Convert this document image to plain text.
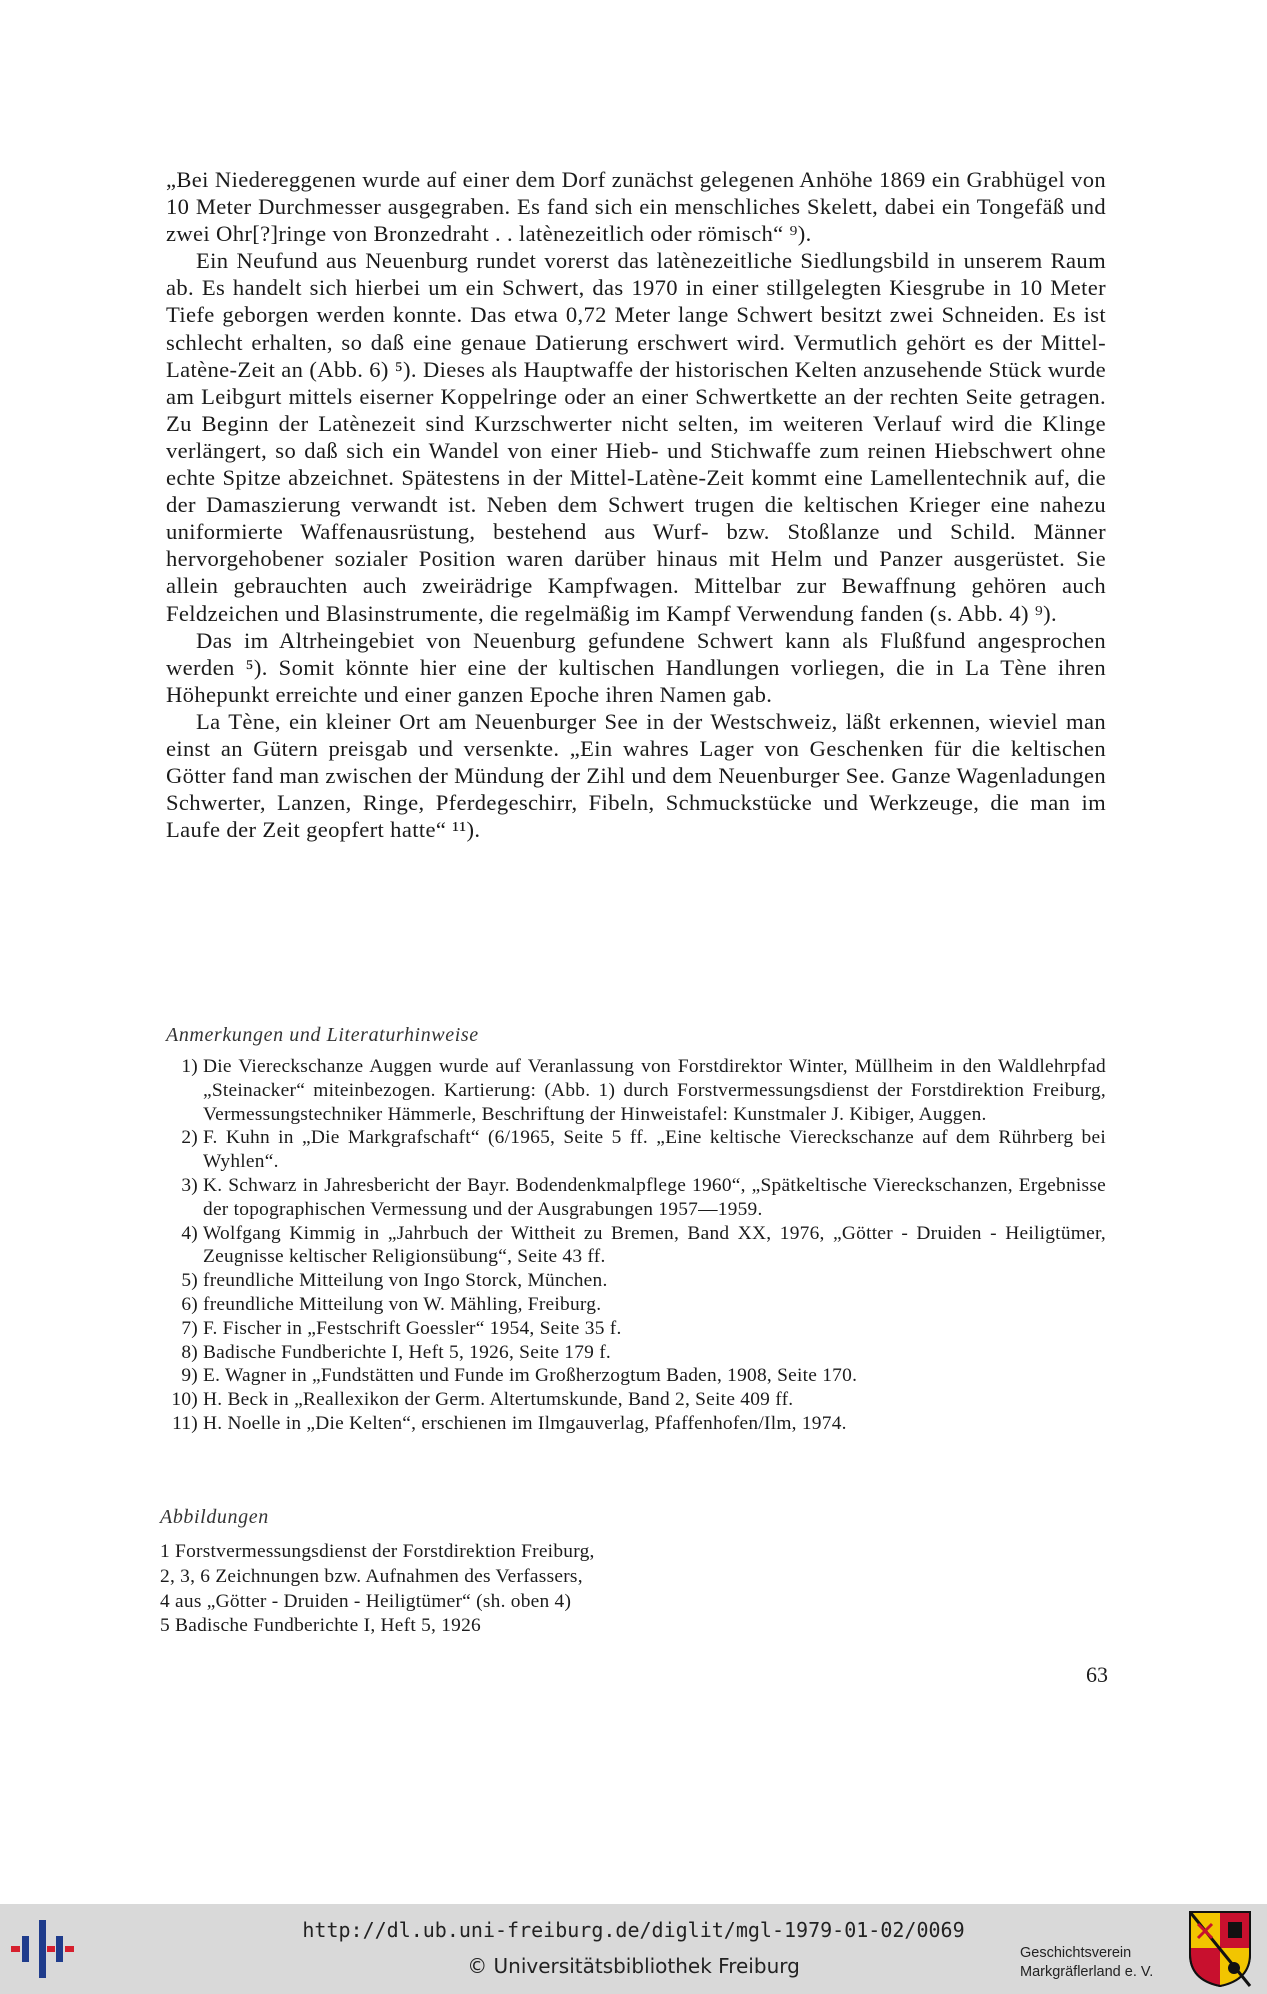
„Bei Niedereggenen wurde auf einer dem Dorf zunächst gelegenen Anhöhe 1869 ein Grabhügel von 10 Meter Durchmesser ausgegraben. Es fand sich ein menschliches Skelett, dabei ein Tongefäß und zwei Ohr[?]ringe von Bronzedraht . . latènezeitlich oder römisch“ ⁹).

Ein Neufund aus Neuenburg rundet vorerst das latènezeitliche Siedlungsbild in unserem Raum ab. Es handelt sich hierbei um ein Schwert, das 1970 in einer stillgelegten Kiesgrube in 10 Meter Tiefe geborgen werden konnte. Das etwa 0,72 Meter lange Schwert besitzt zwei Schneiden. Es ist schlecht erhalten, so daß eine genaue Datierung erschwert wird. Vermutlich gehört es der Mittel-Latène-Zeit an (Abb. 6) ⁵). Dieses als Hauptwaffe der historischen Kelten anzusehende Stück wurde am Leibgurt mittels eiserner Koppelringe oder an einer Schwertkette an der rechten Seite getragen. Zu Beginn der Latènezeit sind Kurzschwerter nicht selten, im weiteren Verlauf wird die Klinge verlängert, so daß sich ein Wandel von einer Hieb- und Stichwaffe zum reinen Hiebschwert ohne echte Spitze abzeichnet. Spätestens in der Mittel-Latène-Zeit kommt eine Lamellentechnik auf, die der Damaszierung verwandt ist. Neben dem Schwert trugen die keltischen Krieger eine nahezu uniformierte Waffenausrüstung, bestehend aus Wurf- bzw. Stoßlanze und Schild. Männer hervorgehobener sozialer Position waren darüber hinaus mit Helm und Panzer ausgerüstet. Sie allein gebrauchten auch zweirädrige Kampfwagen. Mittelbar zur Bewaffnung gehören auch Feldzeichen und Blasinstrumente, die regelmäßig im Kampf Verwendung fanden (s. Abb. 4) ⁹).

Das im Altrheingebiet von Neuenburg gefundene Schwert kann als Flußfund angesprochen werden ⁵). Somit könnte hier eine der kultischen Handlungen vorliegen, die in La Tène ihren Höhepunkt erreichte und einer ganzen Epoche ihren Namen gab.

La Tène, ein kleiner Ort am Neuenburger See in der Westschweiz, läßt erkennen, wieviel man einst an Gütern preisgab und versenkte. „Ein wahres Lager von Geschenken für die keltischen Götter fand man zwischen der Mündung der Zihl und dem Neuenburger See. Ganze Wagenladungen Schwerter, Lanzen, Ringe, Pferdegeschirr, Fibeln, Schmuckstücke und Werkzeuge, die man im Laufe der Zeit geopfert hatte“ ¹¹).

Anmerkungen und Literaturhinweise
1) Die Viereckschanze Auggen wurde auf Veranlassung von Forstdirektor Winter, Müllheim in den Waldlehrpfad „Steinacker“ miteinbezogen. Kartierung: (Abb. 1) durch Forstvermessungsdienst der Forstdirektion Freiburg, Vermessungstechniker Hämmerle, Beschriftung der Hinweistafel: Kunstmaler J. Kibiger, Auggen.
2) F. Kuhn in „Die Markgrafschaft“ (6/1965, Seite 5 ff. „Eine keltische Viereckschanze auf dem Rührberg bei Wyhlen“.
3) K. Schwarz in Jahresbericht der Bayr. Bodendenkmalpflege 1960“, „Spätkeltische Viereckschanzen, Ergebnisse der topographischen Vermessung und der Ausgrabungen 1957—1959.
4) Wolfgang Kimmig in „Jahrbuch der Wittheit zu Bremen, Band XX, 1976, „Götter - Druiden - Heiligtümer, Zeugnisse keltischer Religionsübung“, Seite 43 ff.
5) freundliche Mitteilung von Ingo Storck, München.
6) freundliche Mitteilung von W. Mähling, Freiburg.
7) F. Fischer in „Festschrift Goessler“ 1954, Seite 35 f.
8) Badische Fundberichte I, Heft 5, 1926, Seite 179 f.
9) E. Wagner in „Fundstätten und Funde im Großherzogtum Baden, 1908, Seite 170.
10) H. Beck in „Reallexikon der Germ. Altertumskunde, Band 2, Seite 409 ff.
11) H. Noelle in „Die Kelten“, erschienen im Ilmgauverlag, Pfaffenhofen/Ilm, 1974.
Abbildungen
1 Forstvermessungsdienst der Forstdirektion Freiburg,
2, 3, 6 Zeichnungen bzw. Aufnahmen des Verfassers,
4 aus „Götter - Druiden - Heiligtümer“ (sh. oben 4)
5 Badische Fundberichte I, Heft 5, 1926
63
http://dl.ub.uni-freiburg.de/diglit/mgl-1979-01-02/0069
© Universitätsbibliothek Freiburg
Geschichtsverein
Markgräflerland e. V.
